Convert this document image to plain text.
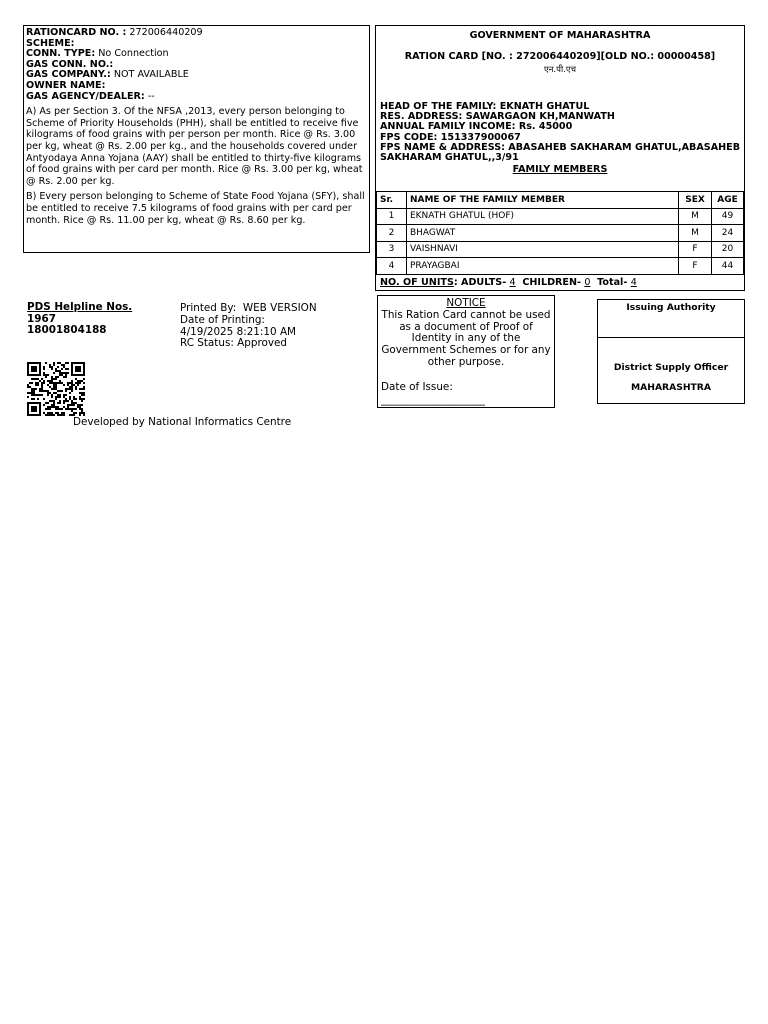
RATIONCARD NO. : 272006440209
SCHEME:
CONN. TYPE: No Connection
GAS CONN. NO.:
GAS COMPANY.: NOT AVAILABLE
OWNER NAME:
GAS AGENCY/DEALER: --
A) As per Section 3. Of the NFSA ,2013, every person belonging to Scheme of Priority Households (PHH), shall be entitled to receive five kilograms of food grains with per person per month. Rice @ Rs. 3.00 per kg, wheat @ Rs. 2.00 per kg., and the households covered under Antyodaya Anna Yojana (AAY) shall be entitled to thirty-five kilograms of food grains with per card per month. Rice @ Rs. 3.00 per kg, wheat @ Rs. 2.00 per kg.
B) Every person belonging to Scheme of State Food Yojana (SFY), shall be entitled to receive 7.5 kilograms of food grains with per card per month. Rice @ Rs. 11.00 per kg, wheat @ Rs. 8.60 per kg.
GOVERNMENT OF MAHARASHTRA
RATION CARD [NO. : 272006440209][OLD NO.: 00000458]
एन.पी.एच
HEAD OF THE FAMILY: EKNATH GHATUL
RES. ADDRESS: SAWARGAON KH,MANWATH
ANNUAL FAMILY INCOME: Rs. 45000
FPS CODE: 151337900067
FPS NAME & ADDRESS: ABASAHEB SAKHARAM GHATUL,ABASAHEB SAKHARAM GHATUL,,3/91
FAMILY MEMBERS
Sr.	NAME OF THE FAMILY MEMBER	SEX	AGE
1	EKNATH GHATUL (HOF)	M	49
2	BHAGWAT	M	24
3	VAISHNAVI	F	20
4	PRAYAGBAI	F	44
NO. OF UNITS: ADULTS- 4 CHILDREN- 0 Total- 4
PDS Helpline Nos.
1967
18001804188
Printed By:  WEB VERSION
Date of Printing:
4/19/2025 8:21:10 AM
RC Status: Approved
Developed by National Informatics Centre
NOTICE
This Ration Card cannot be used as a document of Proof of Identity in any of the Government Schemes or for any other purpose.
Date of Issue:
____________________
Issuing Authority
District Supply Officer
MAHARASHTRA
